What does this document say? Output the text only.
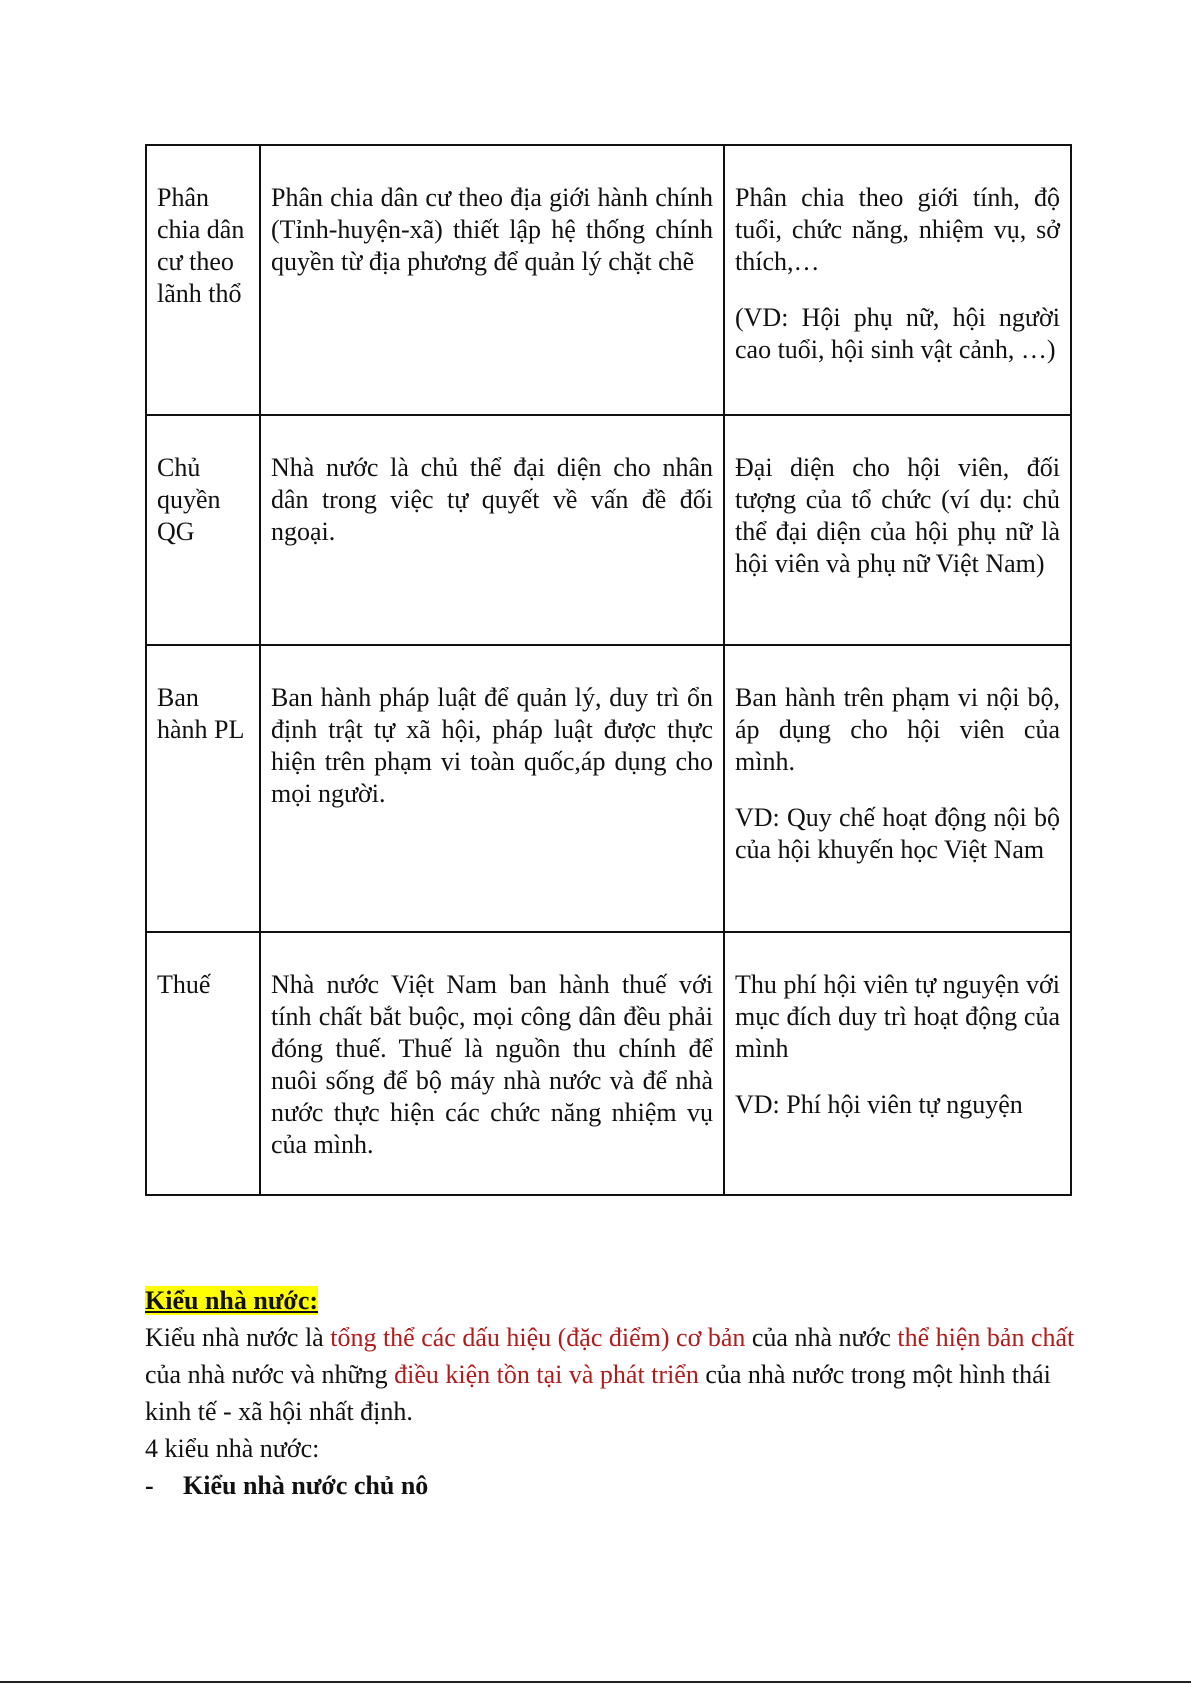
Phân chia dân cư theo lãnh thổ	Phân chia dân cư theo địa giới hành chính (Tỉnh-huyện-xã) thiết lập hệ thống chính quyền từ địa phương để quản lý chặt chẽ	Phân chia theo giới tính, độ tuổi, chức năng, nhiệm vụ, sở thích,…

(VD: Hội phụ nữ, hội người cao tuổi, hội sinh vật cảnh, …)

Chủ quyền QG	Nhà nước là chủ thể đại diện cho nhân dân trong việc tự quyết về vấn đề đối ngoại.	Đại diện cho hội viên, đối tượng của tổ chức (ví dụ: chủ thể đại diện của hội phụ nữ là hội viên và phụ nữ Việt Nam)

Ban hành PL	Ban hành pháp luật để quản lý, duy trì ổn định trật tự xã hội, pháp luật được thực hiện trên phạm vi toàn quốc,áp dụng cho mọi người.	Ban hành trên phạm vi nội bộ, áp dụng cho hội viên của mình.

VD: Quy chế hoạt động nội bộ của hội khuyến học Việt Nam

Thuế	Nhà nước Việt Nam ban hành thuế với tính chất bắt buộc, mọi công dân đều phải đóng thuế. Thuế là nguồn thu chính để nuôi sống để bộ máy nhà nước và để nhà nước thực hiện các chức năng nhiệm vụ của mình.	Thu phí hội viên tự nguyện với mục đích duy trì hoạt động của mình

VD: Phí hội viên tự nguyện

Kiểu nhà nước:

Kiểu nhà nước là tổng thể các dấu hiệu (đặc điểm) cơ bản của nhà nước thể hiện bản chất của nhà nước và những điều kiện tồn tại và phát triển của nhà nước trong một hình thái kinh tế - xã hội nhất định.

4 kiểu nhà nước:

- Kiểu nhà nước chủ nô
